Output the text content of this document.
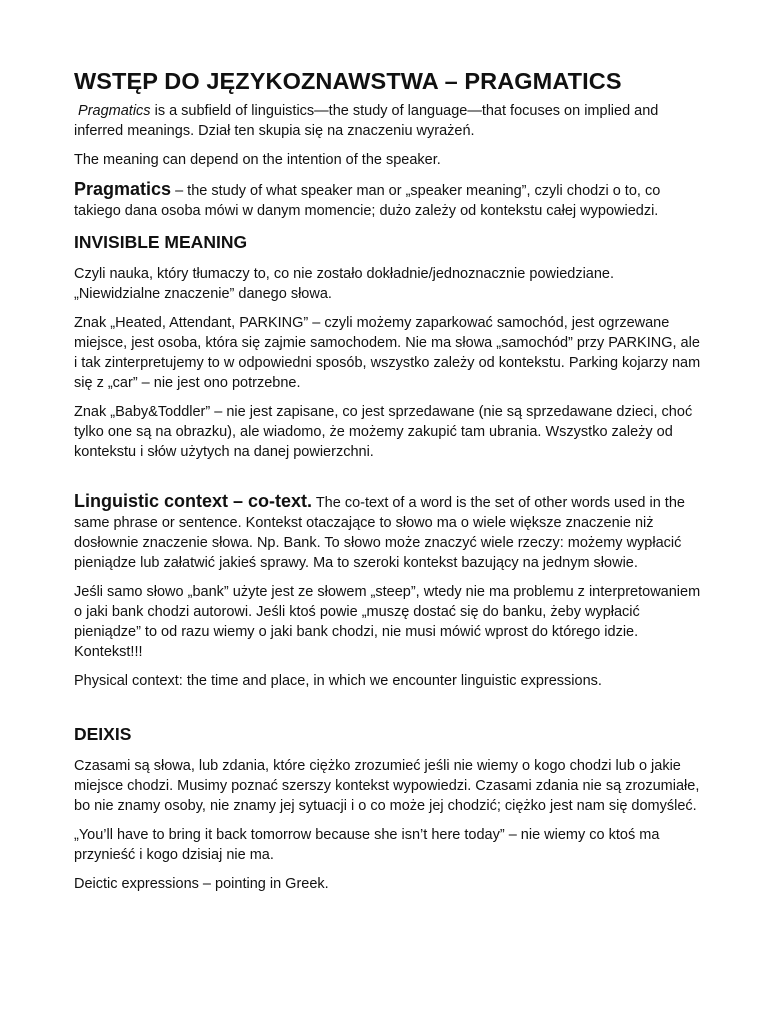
WSTĘP DO JĘZYKOZNAWSTWA – PRAGMATICS

Pragmatics is a subfield of linguistics—the study of language—that focuses on implied and inferred meanings. Dział ten skupia się na znaczeniu wyrażeń.

The meaning can depend on the intention of the speaker.

Pragmatics – the study of what speaker man or „speaker meaning”, czyli chodzi o to, co takiego dana osoba mówi w danym momencie; dużo zależy od kontekstu całej wypowiedzi.

INVISIBLE MEANING

Czyli nauka, który tłumaczy to, co nie zostało dokładnie/jednoznacznie powiedziane. „Niewidzialne znaczenie” danego słowa.

Znak „Heated, Attendant, PARKING” – czyli możemy zaparkować samochód, jest ogrzewane miejsce, jest osoba, która się zajmie samochodem. Nie ma słowa „samochód” przy PARKING, ale i tak zinterpretujemy to w odpowiedni sposób, wszystko zależy od kontekstu. Parking kojarzy nam się z „car” – nie jest ono potrzebne.

Znak „Baby&Toddler” – nie jest zapisane, co jest sprzedawane (nie są sprzedawane dzieci, choć tylko one są na obrazku), ale wiadomo, że możemy zakupić tam ubrania. Wszystko zależy od kontekstu i słów użytych na danej powierzchni.

Linguistic context – co-text. The co-text of a word is the set of other words used in the same phrase or sentence. Kontekst otaczające to słowo ma o wiele większe znaczenie niż dosłownie znaczenie słowa. Np. Bank. To słowo może znaczyć wiele rzeczy: możemy wypłacić pieniądze lub załatwić jakieś sprawy. Ma to szeroki kontekst bazujący na jednym słowie.

Jeśli samo słowo „bank” użyte jest ze słowem „steep”, wtedy nie ma problemu z interpretowaniem o jaki bank chodzi autorowi. Jeśli ktoś powie „muszę dostać się do banku, żeby wypłacić pieniądze” to od razu wiemy o jaki bank chodzi, nie musi mówić wprost do którego idzie. Kontekst!!!

Physical context: the time and place, in which we encounter linguistic expressions.

DEIXIS

Czasami są słowa, lub zdania, które ciężko zrozumieć jeśli nie wiemy o kogo chodzi lub o jakie miejsce chodzi. Musimy poznać szerszy kontekst wypowiedzi. Czasami zdania nie są zrozumiałe, bo nie znamy osoby, nie znamy jej sytuacji i o co może jej chodzić; ciężko jest nam się domyśleć.

„You’ll have to bring it back tomorrow because she isn’t here today” – nie wiemy co ktoś ma przynieść i kogo dzisiaj nie ma.

Deictic expressions – pointing in Greek.
